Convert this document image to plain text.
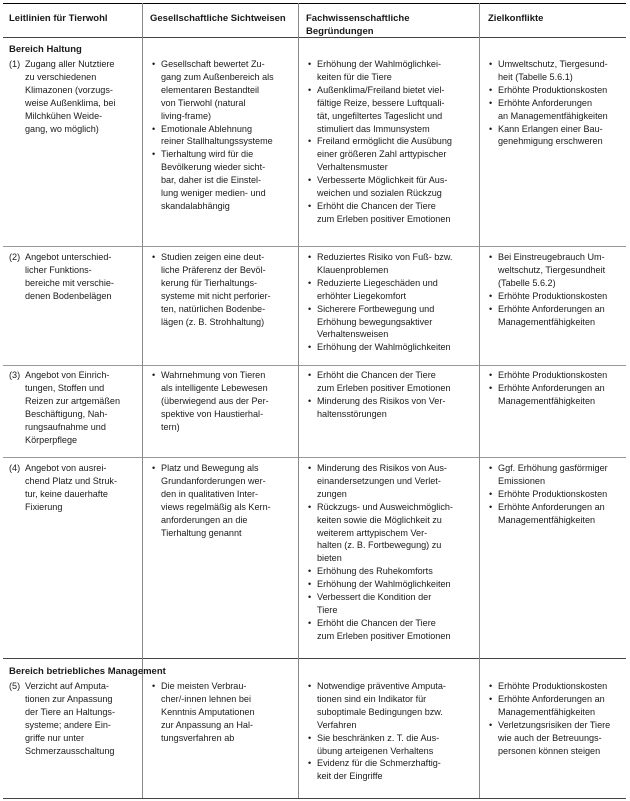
Leitlinien für Tierwohl	Gesellschaftliche Sichtweisen Fachwissenschaftliche Begründungen
Zielkonflikte
Bereich Haltung
Bereich betriebliches Management
(1) Zugang aller Nutztiere
zu verschiedenen
Klimazonen (vorzugs-
weise Außenklima, bei
Milchkühen Weide-
gang, wo möglich)
• Gesellschaft bewertet Zu-
gang zum Außenbereich als
elementaren Bestandteil
von Tierwohl (natural
living-frame)
• Emotionale Ablehnung
reiner Stallhaltungssysteme
• Tierhaltung wird für die
Bevölkerung wieder sicht-
bar, daher ist die Einstel-
lung weniger medien- und
skandalabhängig
• Erhöhung der Wahlmöglichkei-
keiten für die Tiere
• Außenklima/Freiland bietet viel-
fältige Reize, bessere Luftquali-
tät, ungefiltertes Tageslicht und
stimuliert das Immunsystem
• Freiland ermöglicht die Ausübung
einer größeren Zahl arttypischer
Verhaltensmuster
• Verbesserte Möglichkeit für Aus-
weichen und sozialen Rückzug
• Erhöht die Chancen der Tiere
zum Erleben positiver Emotionen
• Umweltschutz, Tiergesund-
heit (Tabelle 5.6.1)
• Erhöhte Produktionskosten
• Erhöhte Anforderungen
an Managementfähigkeiten
• Kann Erlangen einer Bau-
genehmigung erschweren
(2) Angebot unterschied-
licher Funktions-
bereiche mit verschie-
denen Bodenbelägen
• Studien zeigen eine deut-
liche Präferenz der Bevöl-
kerung für Tierhaltungs-
systeme mit nicht perforier-
ten, natürlichen Bodenbe-
lägen (z. B. Strohhaltung)
• Reduziertes Risiko von Fuß- bzw.
Klauenproblemen
• Reduzierte Liegeschäden und
erhöhter Liegekomfort
• Sicherere Fortbewegung und
Erhöhung bewegungsaktiver
Verhaltensweisen
• Erhöhung der Wahlmöglichkeiten
• Bei Einstreugebrauch Um-
weltschutz, Tiergesundheit
(Tabelle 5.6.2)
• Erhöhte Produktionskosten
• Erhöhte Anforderungen an
Managementfähigkeiten
(3) Angebot von Einrich-
tungen, Stoffen und
Reizen zur artgemäßen
Beschäftigung, Nah-
rungsaufnahme und
Körperpflege
• Wahrnehmung von Tieren
als intelligente Lebewesen
(überwiegend aus der Per-
spektive von Haustierhal-
tern)
• Erhöht die Chancen der Tiere
zum Erleben positiver Emotionen
• Minderung des Risikos von Ver-
haltensstörungen
• Erhöhte Produktionskosten
• Erhöhte Anforderungen an
Managementfähigkeiten
(4) Angebot von ausrei-
chend Platz und Struk-
tur, keine dauerhafte
Fixierung
• Platz und Bewegung als
Grundanforderungen wer-
den in qualitativen Inter-
views regelmäßig als Kern-
anforderungen an die
Tierhaltung genannt
• Minderung des Risikos von Aus-
einandersetzungen und Verlet-
zungen
• Rückzugs- und Ausweichmöglich-
keiten sowie die Möglichkeit zu
weiterem arttypischem Ver-
halten (z. B. Fortbewegung) zu
bieten
• Erhöhung des Ruhekomforts
• Erhöhung der Wahlmöglichkeiten
• Verbessert die Kondition der
Tiere
• Erhöht die Chancen der Tiere
zum Erleben positiver Emotionen
• Ggf. Erhöhung gasförmiger
Emissionen
• Erhöhte Produktionskosten
• Erhöhte Anforderungen an
Managementfähigkeiten
(5) Verzicht auf Amputa-
tionen zur Anpassung
der Tiere an Haltungs-
systeme; andere Ein-
griffe nur unter
Schmerzausschaltung
• Die meisten Verbrau-
cher/-innen lehnen bei
Kenntnis Amputationen
zur Anpassung an Hal-
tungsverfahren ab
• Notwendige präventive Amputa-
tionen sind ein Indikator für
suboptimale Bedingungen bzw.
Verfahren
• Sie beschränken z. T. die Aus-
übung arteigenen Verhaltens
• Evidenz für die Schmerzhaftig-
keit der Eingriffe
• Erhöhte Produktionskosten
• Erhöhte Anforderungen an
Managementfähigkeiten
• Verletzungsrisiken der Tiere
wie auch der Betreuungs-
personen können steigen
